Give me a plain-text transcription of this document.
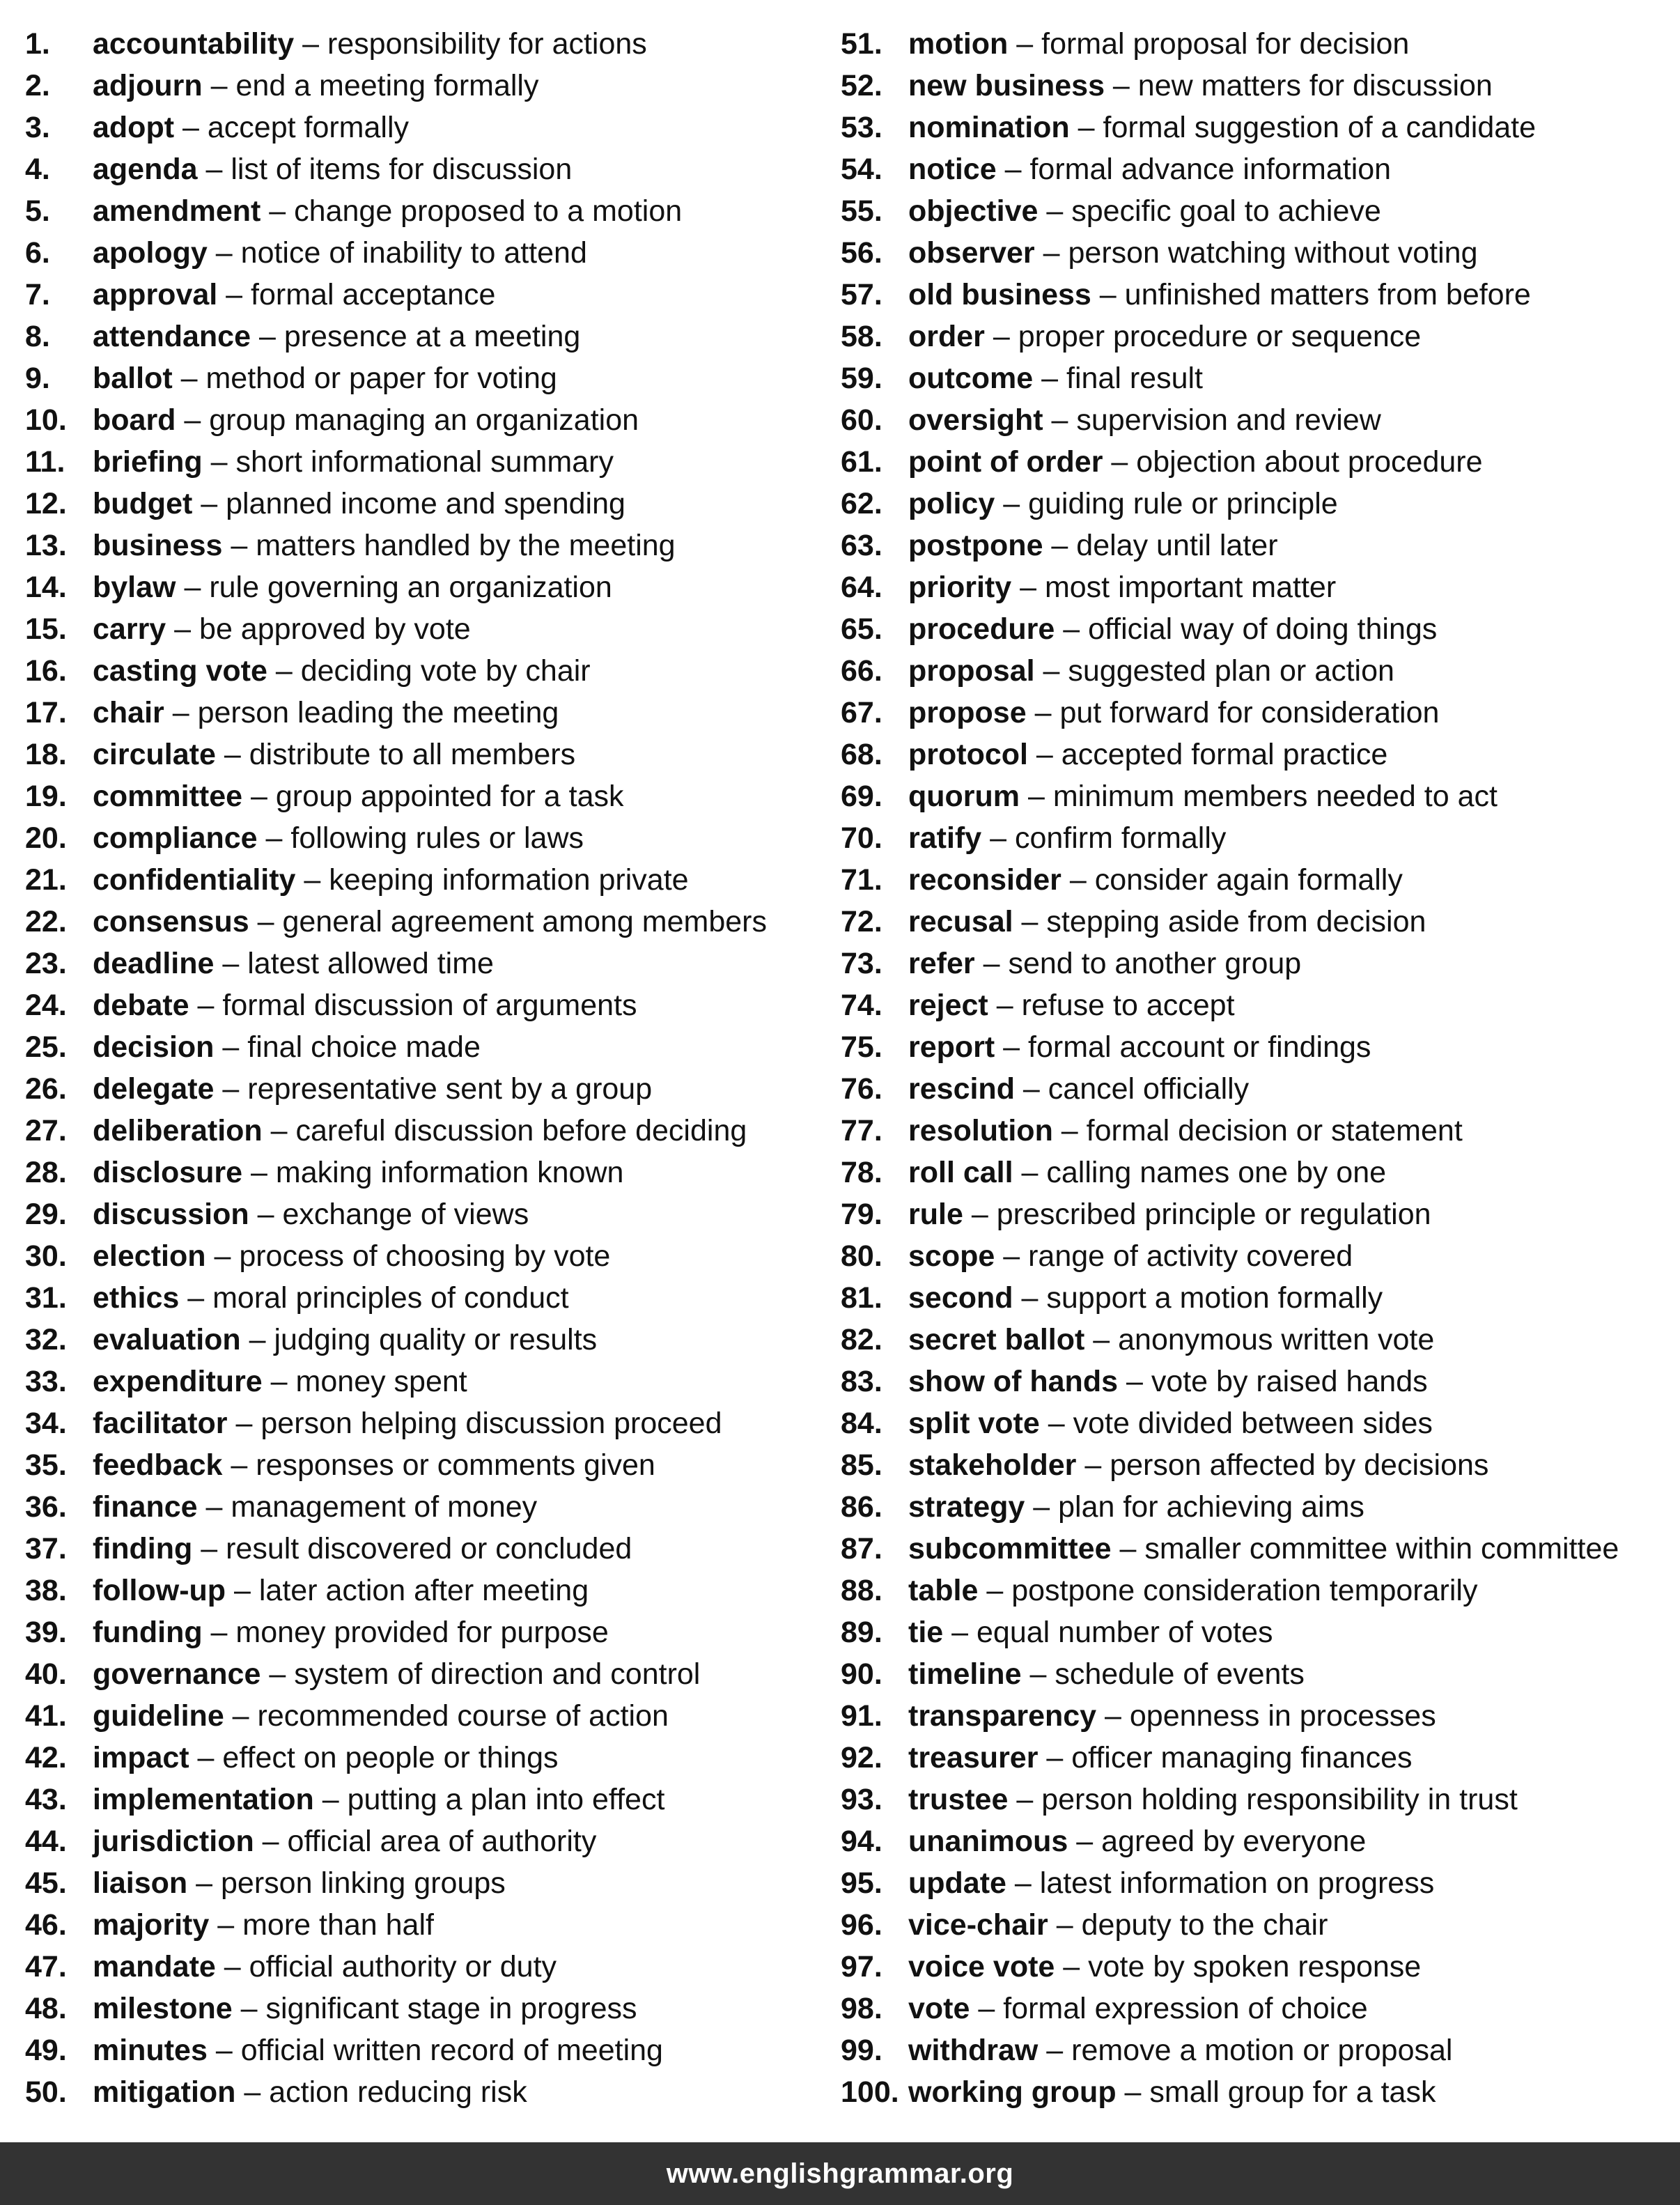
1.	accountability – responsibility for actions
2.	adjourn – end a meeting formally
3.	adopt – accept formally
4.	agenda – list of items for discussion
5.	amendment – change proposed to a motion
6.	apology – notice of inability to attend
7.	approval – formal acceptance
8.	attendance – presence at a meeting
9.	ballot – method or paper for voting
10. board – group managing an organization
11. briefing – short informational summary
12. budget – planned income and spending
13. business – matters handled by the meeting
14. bylaw – rule governing an organization
15. carry – be approved by vote
16. casting vote – deciding vote by chair
17. chair – person leading the meeting
18. circulate – distribute to all members
19. committee – group appointed for a task
20. compliance – following rules or laws
21. confidentiality – keeping information private
22. consensus – general agreement among members
23. deadline – latest allowed time
24. debate – formal discussion of arguments
25. decision – final choice made
26. delegate – representative sent by a group
27. deliberation – careful discussion before deciding
28. disclosure – making information known
29. discussion – exchange of views
30. election – process of choosing by vote
31. ethics – moral principles of conduct
32. evaluation – judging quality or results
33. expenditure – money spent
34. facilitator – person helping discussion proceed
35. feedback – responses or comments given
36. finance – management of money
37. finding – result discovered or concluded
38. follow-up – later action after meeting
39. funding – money provided for purpose
40. governance – system of direction and control
41. guideline – recommended course of action
42. impact – effect on people or things
43. implementation – putting a plan into effect
44. jurisdiction – official area of authority
45. liaison – person linking groups
46. majority – more than half
47. mandate – official authority or duty
48. milestone – significant stage in progress
49. minutes – official written record of meeting
50. mitigation – action reducing risk
51. motion – formal proposal for decision
52. new business – new matters for discussion
53. nomination – formal suggestion of a candidate
54. notice – formal advance information
55. objective – specific goal to achieve
56. observer – person watching without voting
57. old business – unfinished matters from before
58. order – proper procedure or sequence
59. outcome – final result
60. oversight – supervision and review
61. point of order – objection about procedure
62. policy – guiding rule or principle
63. postpone – delay until later
64. priority – most important matter
65. procedure – official way of doing things
66. proposal – suggested plan or action
67. propose – put forward for consideration
68. protocol – accepted formal practice
69. quorum – minimum members needed to act
70. ratify – confirm formally
71. reconsider – consider again formally
72. recusal – stepping aside from decision
73. refer – send to another group
74. reject – refuse to accept
75. report – formal account or findings
76. rescind – cancel officially
77. resolution – formal decision or statement
78. roll call – calling names one by one
79. rule – prescribed principle or regulation
80. scope – range of activity covered
81. second – support a motion formally
82. secret ballot – anonymous written vote
83. show of hands – vote by raised hands
84. split vote – vote divided between sides
85. stakeholder – person affected by decisions
86. strategy – plan for achieving aims
87. subcommittee – smaller committee within committee
88. table – postpone consideration temporarily
89. tie – equal number of votes
90. timeline – schedule of events
91. transparency – openness in processes
92. treasurer – officer managing finances
93. trustee – person holding responsibility in trust
94. unanimous – agreed by everyone
95. update – latest information on progress
96. vice-chair – deputy to the chair
97. voice vote – vote by spoken response
98. vote – formal expression of choice
99. withdraw – remove a motion or proposal
100. working group – small group for a task
www.englishgrammar.org
